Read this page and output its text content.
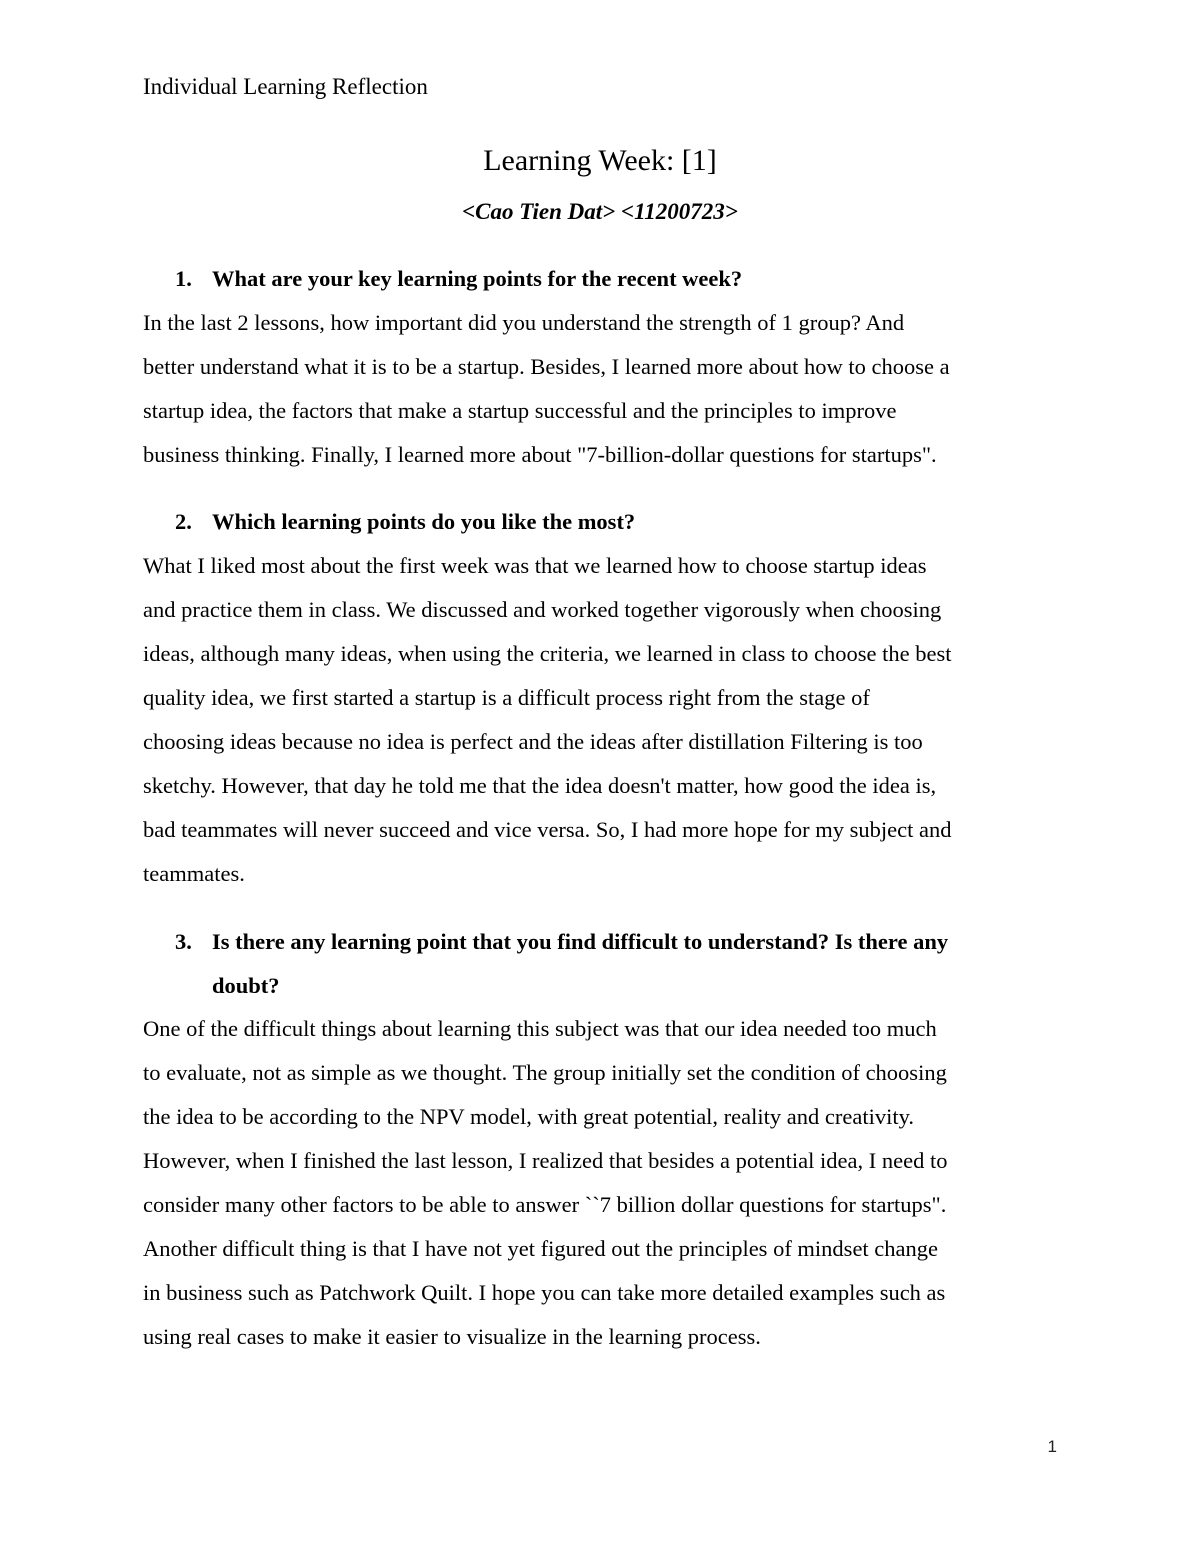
Individual Learning Reflection
Learning Week: [1]
<Cao Tien Dat> <11200723>
1. What are your key learning points for the recent week?
In the last 2 lessons, how important did you understand the strength of 1 group? And
better understand what it is to be a startup. Besides, I learned more about how to choose a
startup idea, the factors that make a startup successful and the principles to improve
business thinking. Finally, I learned more about "7-billion-dollar questions for startups".
2. Which learning points do you like the most?
What I liked most about the first week was that we learned how to choose startup ideas
and practice them in class. We discussed and worked together vigorously when choosing
ideas, although many ideas, when using the criteria, we learned in class to choose the best
quality idea, we first started a startup is a difficult process right from the stage of
choosing ideas because no idea is perfect and the ideas after distillation Filtering is too
sketchy. However, that day he told me that the idea doesn't matter, how good the idea is,
bad teammates will never succeed and vice versa. So, I had more hope for my subject and
teammates.
3. Is there any learning point that you find difficult to understand? Is there any
doubt?
One of the difficult things about learning this subject was that our idea needed too much
to evaluate, not as simple as we thought. The group initially set the condition of choosing
the idea to be according to the NPV model, with great potential, reality and creativity.
However, when I finished the last lesson, I realized that besides a potential idea, I need to
consider many other factors to be able to answer ``7 billion dollar questions for startups".
Another difficult thing is that I have not yet figured out the principles of mindset change
in business such as Patchwork Quilt. I hope you can take more detailed examples such as
using real cases to make it easier to visualize in the learning process.
1
